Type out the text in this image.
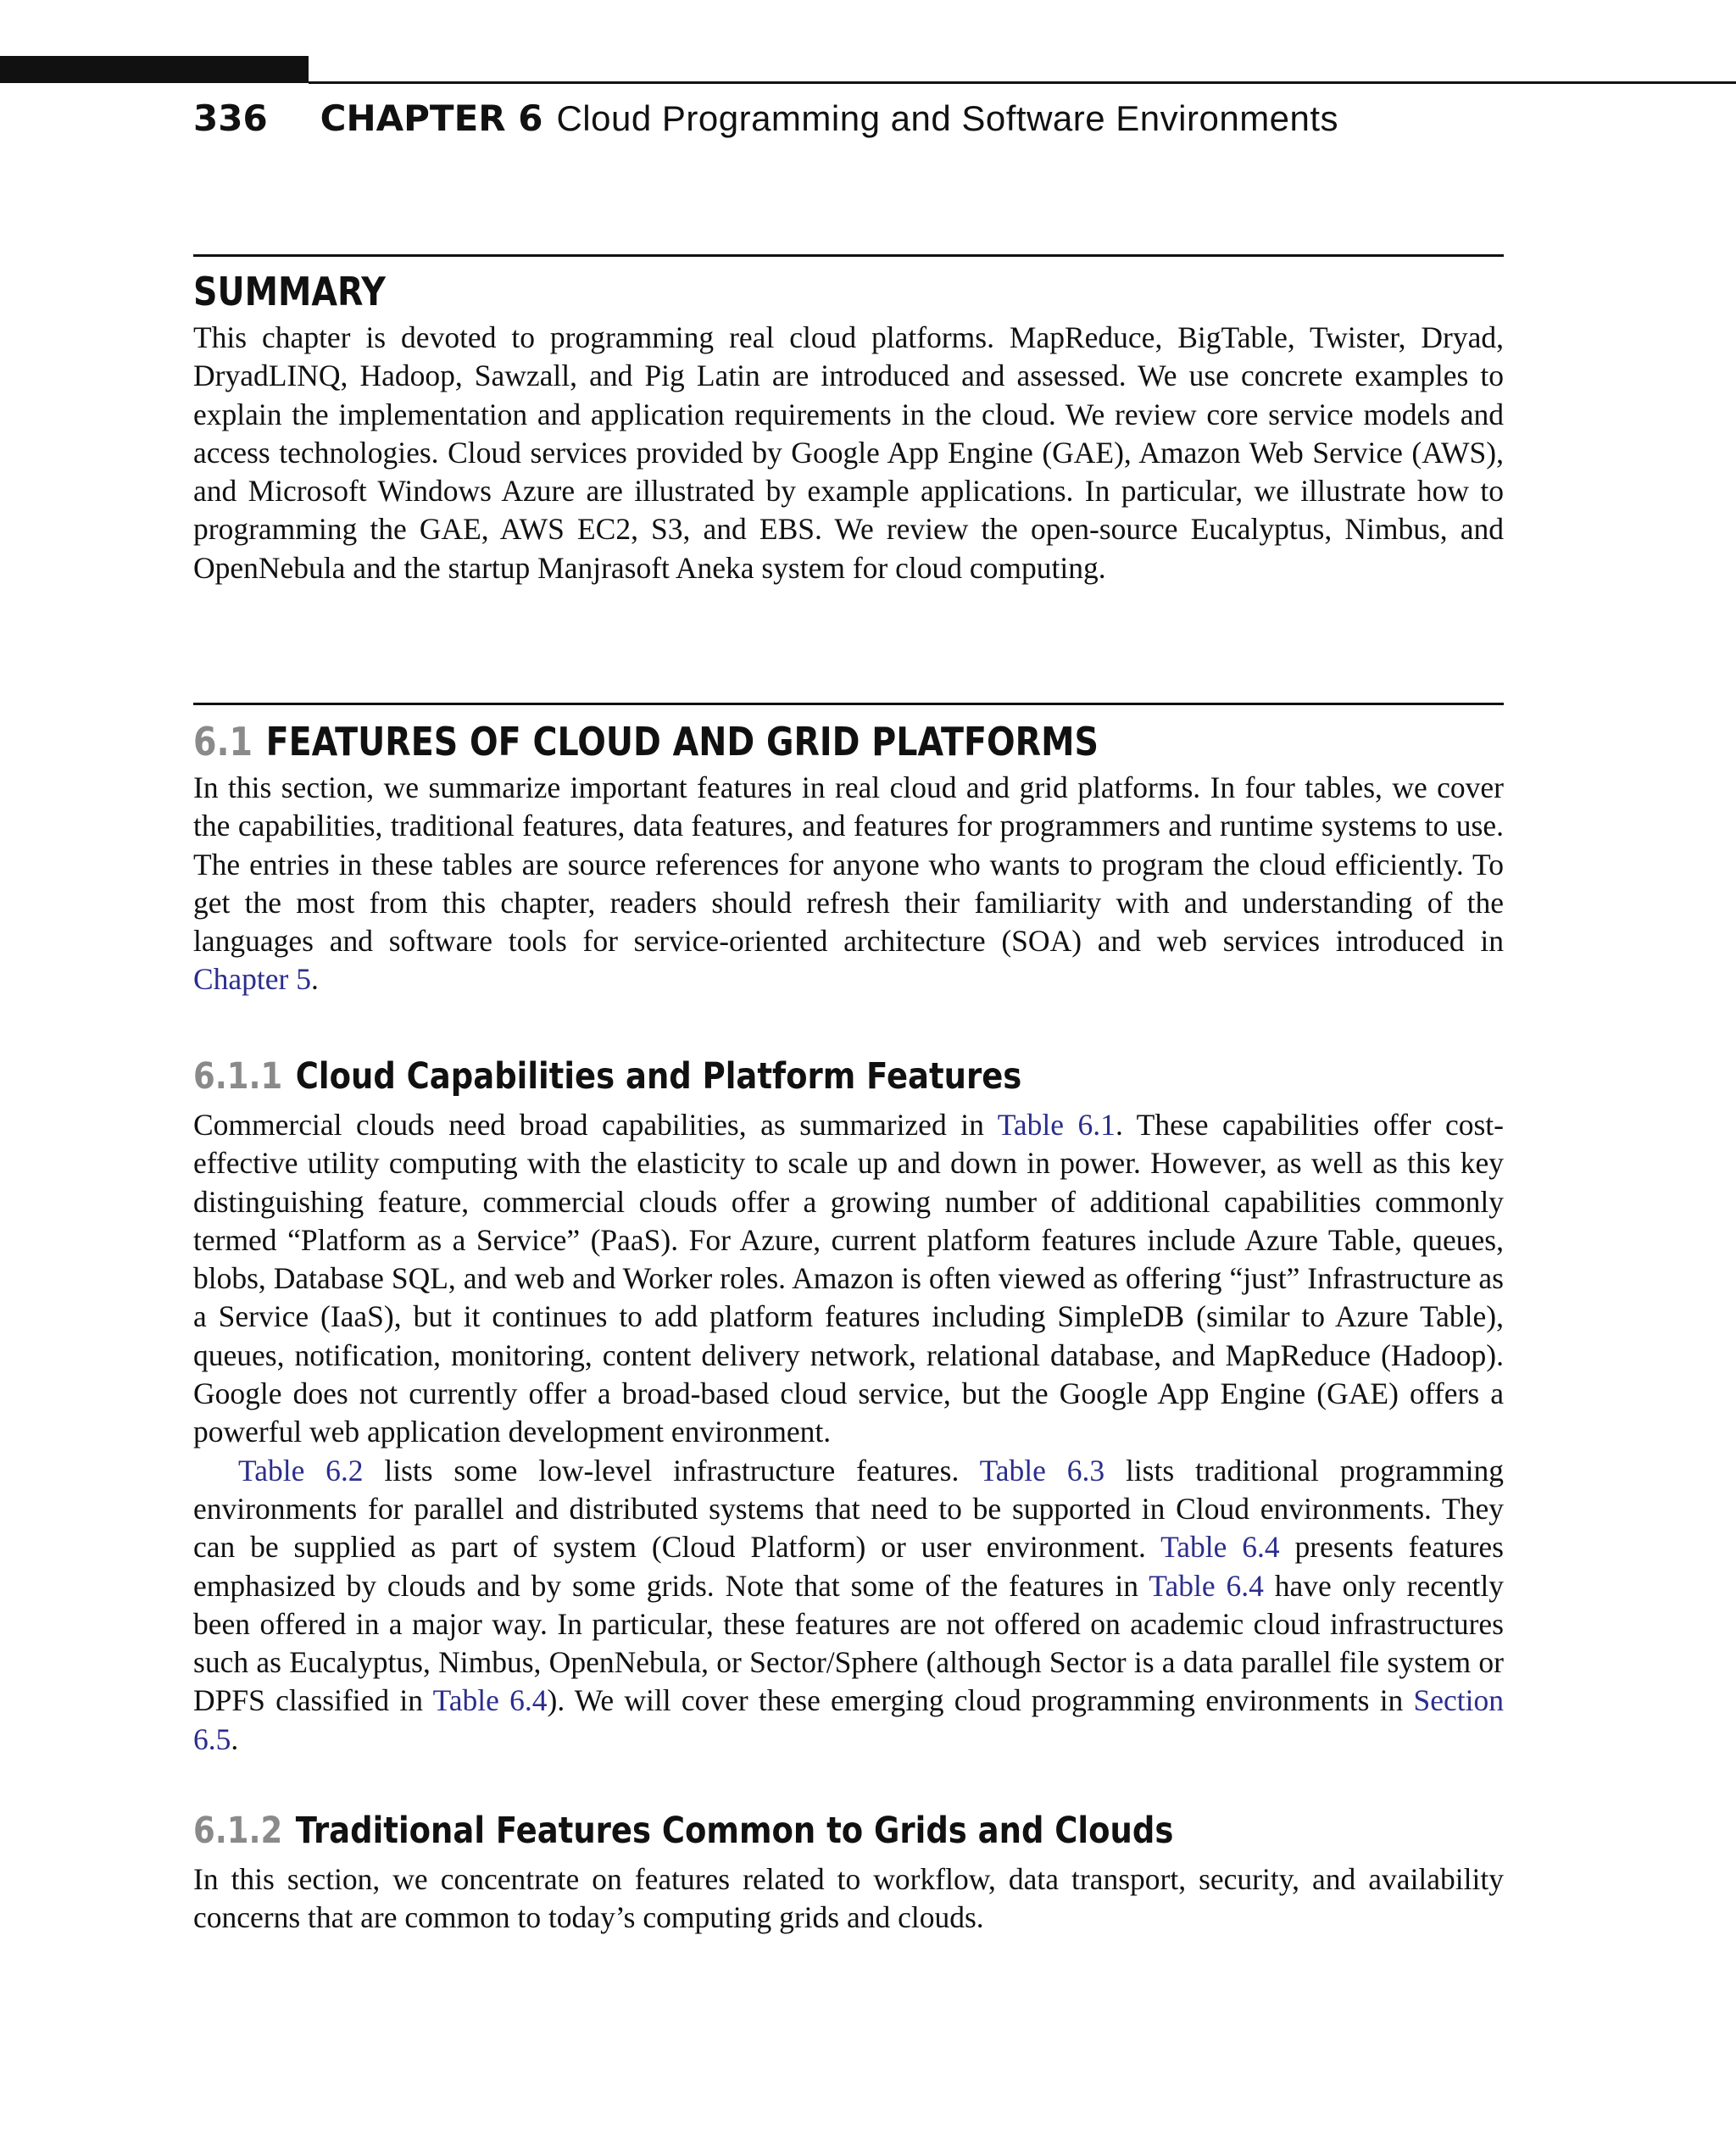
336 CHAPTER 6 Cloud Programming and Software Environments
SUMMARY

This chapter is devoted to programming real cloud platforms. MapReduce, BigTable, Twister, Dryad, DryadLINQ, Hadoop, Sawzall, and Pig Latin are introduced and assessed. We use concrete examples to explain the implementation and application requirements in the cloud. We review core service models and access technologies. Cloud services provided by Google App Engine (GAE), Amazon Web Service (AWS), and Microsoft Windows Azure are illustrated by example applications. In particular, we illustrate how to programming the GAE, AWS EC2, S3, and EBS. We review the open-source Eucalyptus, Nimbus, and OpenNebula and the startup Manjrasoft Aneka system for cloud computing.

6.1 FEATURES OF CLOUD AND GRID PLATFORMS

In this section, we summarize important features in real cloud and grid platforms. In four tables, we cover the capabilities, traditional features, data features, and features for programmers and runtime systems to use. The entries in these tables are source references for anyone who wants to program the cloud efficiently. To get the most from this chapter, readers should refresh their familiarity with and understanding of the languages and software tools for service-oriented architecture (SOA) and web services introduced in Chapter 5.

6.1.1 Cloud Capabilities and Platform Features

Commercial clouds need broad capabilities, as summarized in Table 6.1. These capabilities offer cost-effective utility computing with the elasticity to scale up and down in power. However, as well as this key distinguishing feature, commercial clouds offer a growing number of additional capabilities commonly termed “Platform as a Service” (PaaS). For Azure, current platform features include Azure Table, queues, blobs, Database SQL, and web and Worker roles. Amazon is often viewed as offering “just” Infrastructure as a Service (IaaS), but it continues to add platform features including SimpleDB (similar to Azure Table), queues, notification, monitoring, content delivery network, relational database, and MapReduce (Hadoop). Google does not currently offer a broad-based cloud service, but the Google App Engine (GAE) offers a powerful web application development environment.

Table 6.2 lists some low-level infrastructure features. Table 6.3 lists traditional programming environments for parallel and distributed systems that need to be supported in Cloud environments. They can be supplied as part of system (Cloud Platform) or user environment. Table 6.4 presents features emphasized by clouds and by some grids. Note that some of the features in Table 6.4 have only recently been offered in a major way. In particular, these features are not offered on academic cloud infrastructures such as Eucalyptus, Nimbus, OpenNebula, or Sector/Sphere (although Sector is a data parallel file system or DPFS classified in Table 6.4). We will cover these emerging cloud programming environments in Section 6.5.

6.1.2 Traditional Features Common to Grids and Clouds

In this section, we concentrate on features related to workflow, data transport, security, and availability concerns that are common to today’s computing grids and clouds.
